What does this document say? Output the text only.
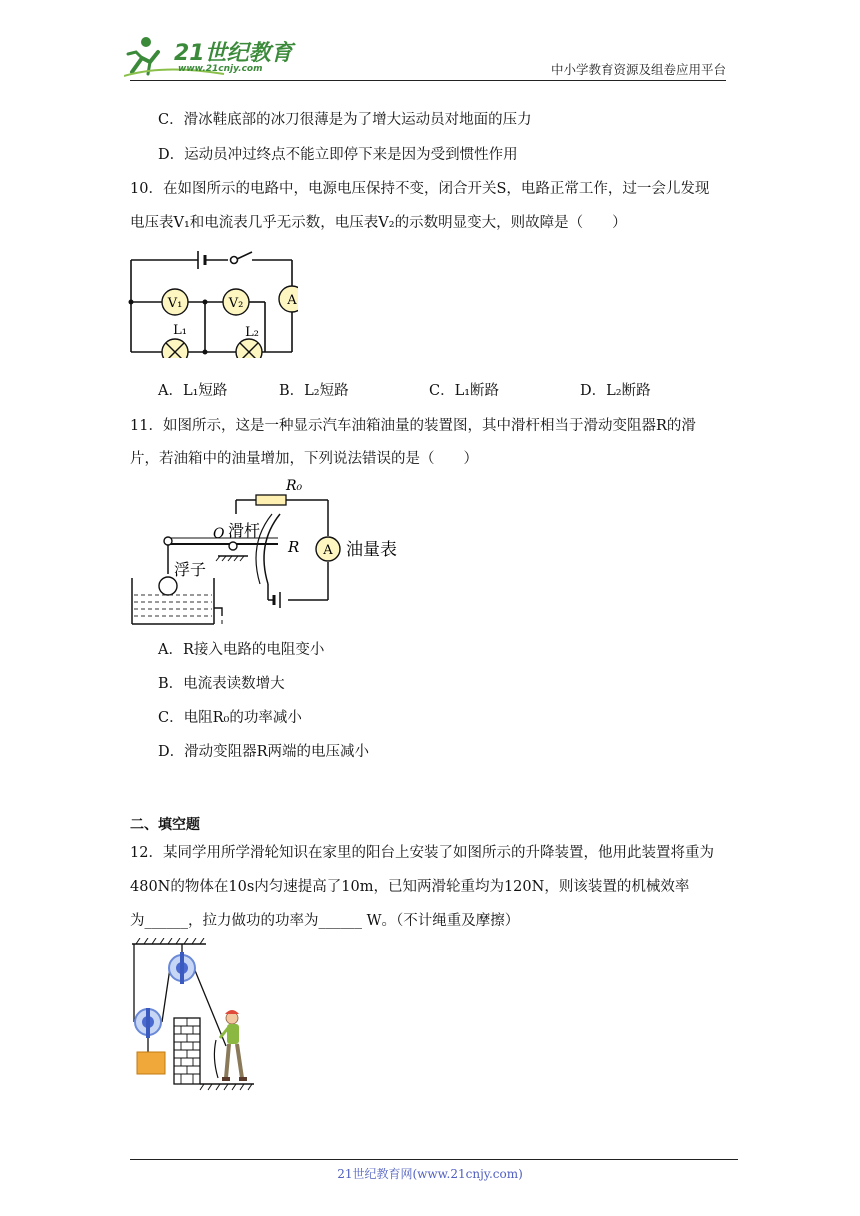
21世纪教育
www.21cnjy.com	中小学教育资源及组卷应用平台
C．滑冰鞋底部的冰刀很薄是为了增大运动员对地面的压力
D．运动员冲过终点不能立即停下来是因为受到惯性作用
10．在如图所示的电路中，电源电压保持不变，闭合开关S，电路正常工作，过一会儿发现
电压表V₁和电流表几乎无示数，电压表V₂的示数明显变大，则故障是（　　）
V₁	V₂	A
L₁	L₂
A．L₁短路	B．L₂短路	C．L₁断路	D．L₂断路
11．如图所示，这是一种显示汽车油箱油量的装置图，其中滑杆相当于滑动变阻器R的滑
片，若油箱中的油量增加，下列说法错误的是（　　）
R₀
O 滑杆
R A 油量表
浮子
A．R接入电路的电阻变小
B．电流表读数增大
C．电阻R₀的功率减小
D．滑动变阻器R两端的电压减小
二、填空题
12．某同学用所学滑轮知识在家里的阳台上安装了如图所示的升降装置，他用此装置将重为
480N的物体在10s内匀速提高了10m，已知两滑轮重均为120N，则该装置的机械效率
为______，拉力做功的功率为______ W。（不计绳重及摩擦）
21世纪教育网(www.21cnjy.com)
